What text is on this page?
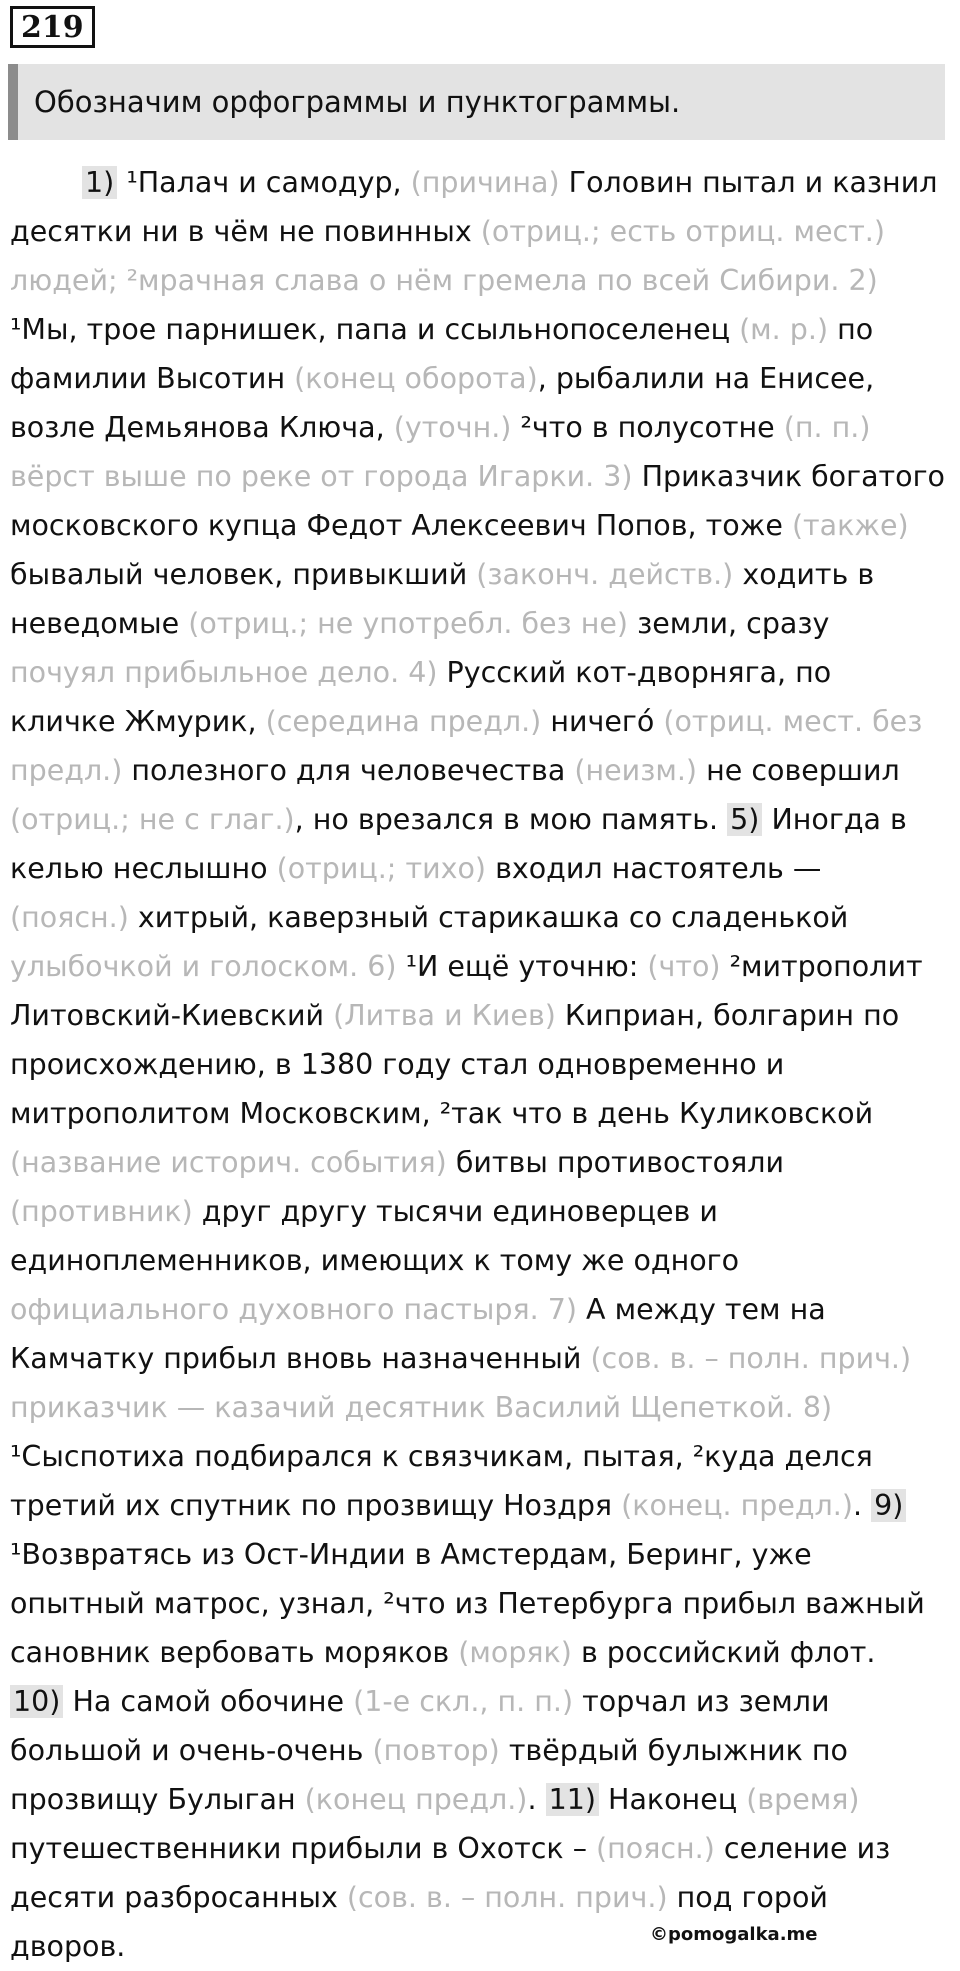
219
Обозначим орфограммы и пунктограммы.
1) ¹Палач и самодур, (причина) Головин пытал и казнил
десятки ни в чём не повинных (отриц.; есть отриц. мест.)
людей; ²мрачная слава о нём гремела по всей Сибири. 2)
¹Мы, трое парнишек, папа и ссыльнопоселенец (м. р.) по
фамилии Высотин (конец оборота), рыбалили на Енисее,
возле Демьянова Ключа, (уточн.) ²что в полусотне (п. п.)
вёрст выше по реке от города Игарки. 3) Приказчик богатого
московского купца Федот Алексеевич Попов, тоже (также)
бывалый человек, привыкший (законч. действ.) ходить в
неведомые (отриц.; не употребл. без не) земли, сразу
почуял прибыльное дело. 4) Русский кот-дворняга, по
кличке Жмурик, (середина предл.) ничегó (отриц. мест. без
предл.) полезного для человечества (неизм.) не совершил
(отриц.; не с глаг.), но врезался в мою память. 5) Иногда в
келью неслышно (отриц.; тихо) входил настоятель —
(поясн.) хитрый, каверзный старикашка со сладенькой
улыбочкой и голоском. 6) ¹И ещё уточню: (что) ²митрополит
Литовский-Киевский (Литва и Киев) Киприан, болгарин по
происхождению, в 1380 году стал одновременно и
митрополитом Московским, ²так что в день Куликовской
(название историч. события) битвы противостояли
(противник) друг другу тысячи единоверцев и
единоплеменников, имеющих к тому же одного
официального духовного пастыря. 7) А между тем на
Камчатку прибыл вновь назначенный (сов. в. – полн. прич.)
приказчик — казачий десятник Василий Щепеткой. 8)
¹Сыспотиха подбирался к связчикам, пытая, ²куда делся
третий их спутник по прозвищу Ноздря (конец. предл.). 9)
¹Возвратясь из Ост-Индии в Амстердам, Беринг, уже
опытный матрос, узнал, ²что из Петербурга прибыл важный
сановник вербовать моряков (моряк) в российский флот.
10) На самой обочине (1-е скл., п. п.) торчал из земли
большой и очень-очень (повтор) твёрдый булыжник по
прозвищу Булыган (конец предл.). 11) Наконец (время)
путешественники прибыли в Охотск – (поясн.) селение из
десяти разбросанных (сов. в. – полн. прич.) под горой
дворов.	©pomogalka.me
